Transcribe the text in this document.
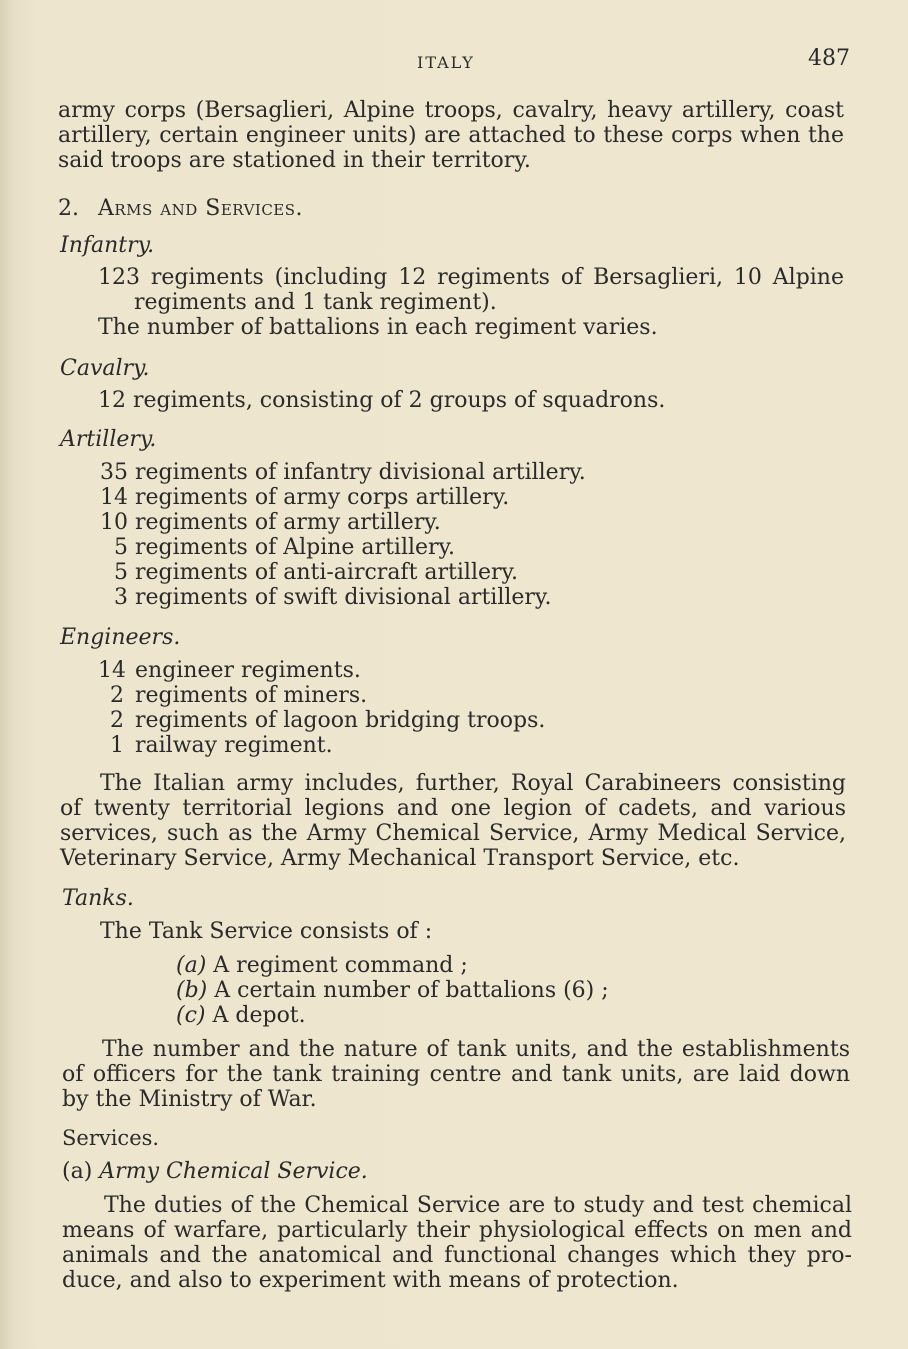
ITALY	487
army corps (Bersaglieri, Alpine troops, cavalry, heavy artillery, coast
artillery, certain engineer units) are attached to these corps when the
said troops are stationed in their territory.
2. Arms and Services.
Infantry.
123 regiments (including 12 regiments of Bersaglieri, 10 Alpine
regiments and 1 tank regiment).
The number of battalions in each regiment varies.
Cavalry.
12 regiments, consisting of 2 groups of squadrons.
Artillery.
35 regiments of infantry divisional artillery.
14 regiments of army corps artillery.
10 regiments of army artillery.
5 regiments of Alpine artillery.
5 regiments of anti-aircraft artillery.
3 regiments of swift divisional artillery.
Engineers.
14 engineer regiments.
2 regiments of miners.
2 regiments of lagoon bridging troops.
1 railway regiment.
The Italian army includes, further, Royal Carabineers consisting
of twenty territorial legions and one legion of cadets, and various
services, such as the Army Chemical Service, Army Medical Service,
Veterinary Service, Army Mechanical Transport Service, etc.
Tanks.
The Tank Service consists of :
(a) A regiment command ;
(b) A certain number of battalions (6) ;
(c) A depot.
The number and the nature of tank units, and the establishments
of officers for the tank training centre and tank units, are laid down
by the Ministry of War.
Services.
(a) Army Chemical Service.
The duties of the Chemical Service are to study and test chemical
means of warfare, particularly their physiological effects on men and
animals and the anatomical and functional changes which they pro-
duce, and also to experiment with means of protection.
